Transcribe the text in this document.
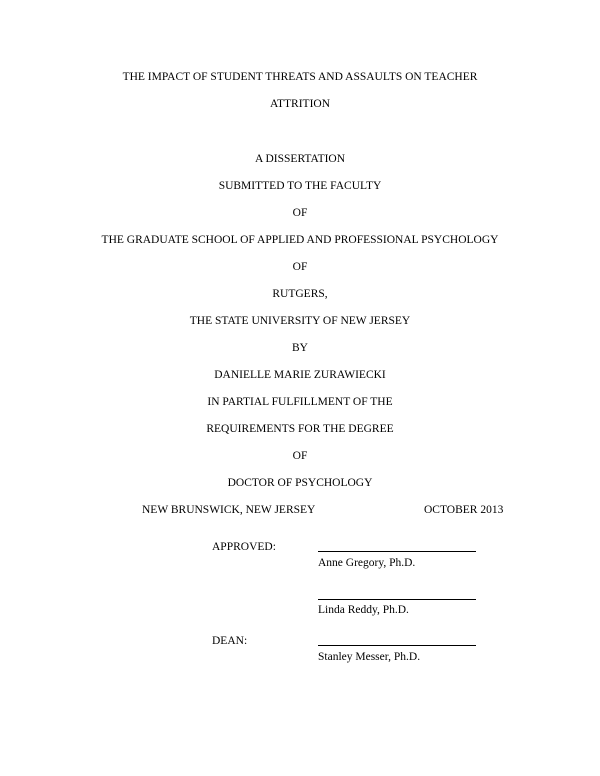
THE IMPACT OF STUDENT THREATS AND ASSAULTS ON TEACHER
ATTRITION
A DISSERTATION
SUBMITTED TO THE FACULTY
OF
THE GRADUATE SCHOOL OF APPLIED AND PROFESSIONAL PSYCHOLOGY
OF
RUTGERS,
THE STATE UNIVERSITY OF NEW JERSEY
BY
DANIELLE MARIE ZURAWIECKI
IN PARTIAL FULFILLMENT OF THE
REQUIREMENTS FOR THE DEGREE
OF
DOCTOR OF PSYCHOLOGY
NEW BRUNSWICK, NEW JERSEY	OCTOBER 2013
APPROVED:
Anne Gregory, Ph.D.
Linda Reddy, Ph.D.
DEAN:
Stanley Messer, Ph.D.
